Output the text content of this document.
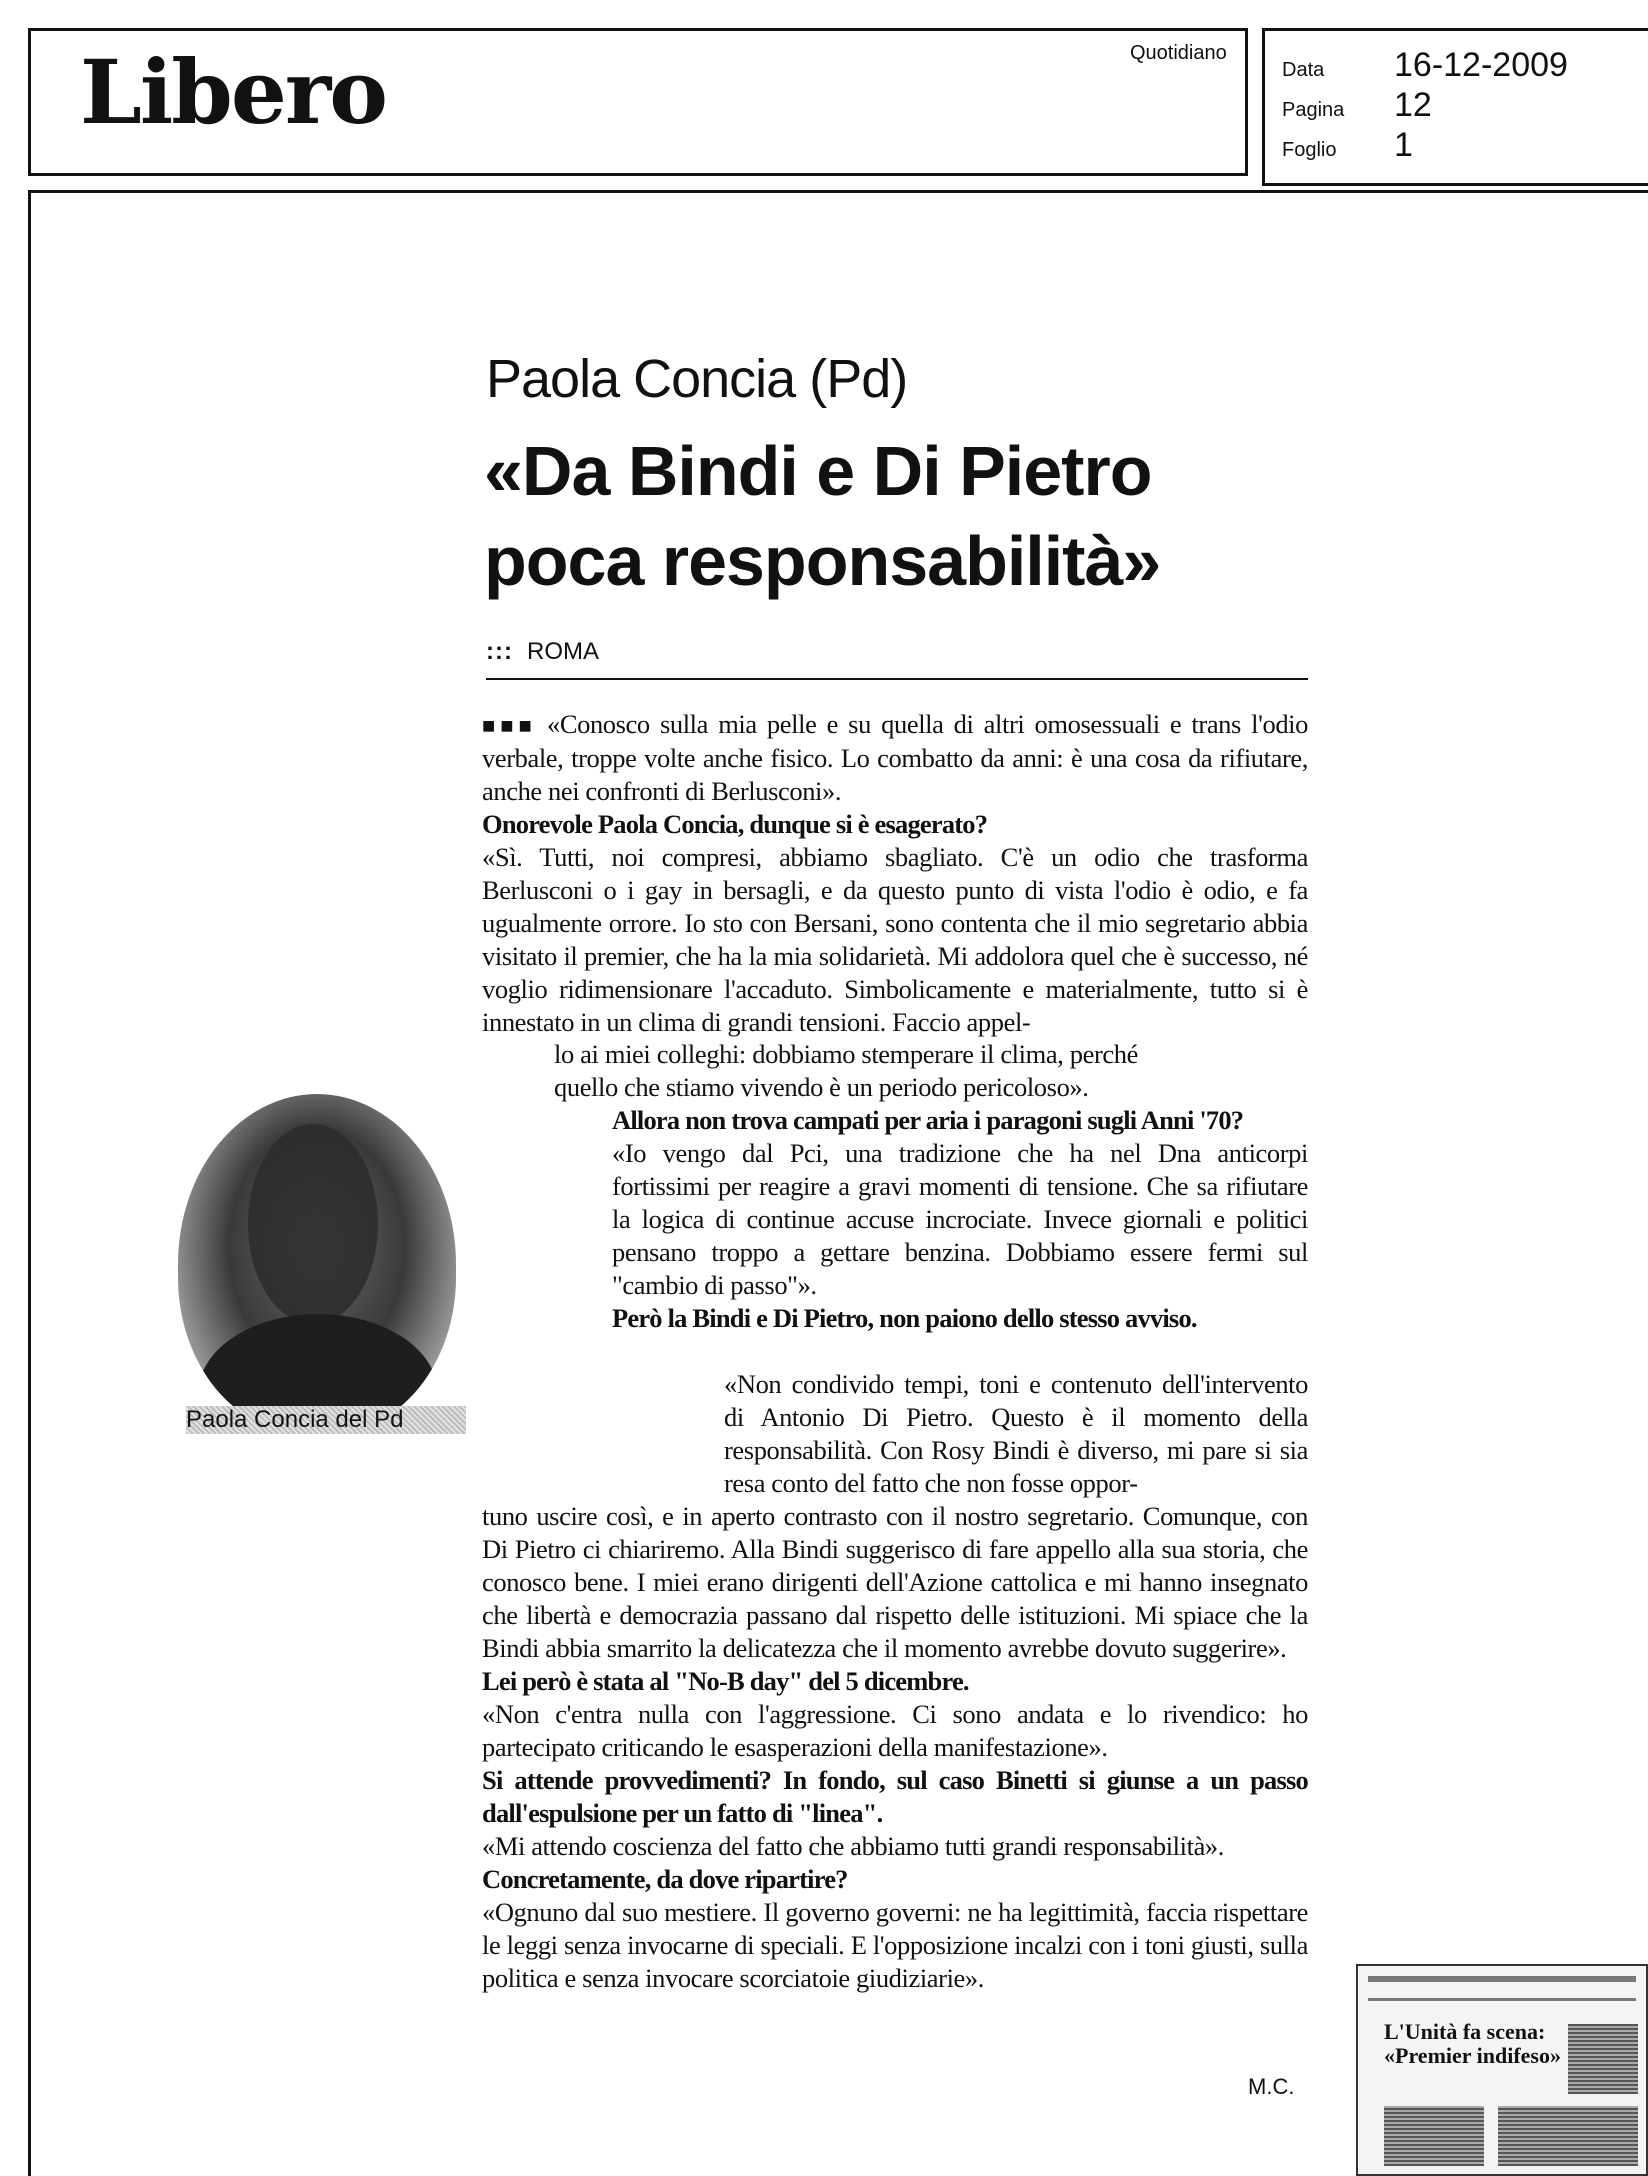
Libero	Quotidiano
Data 16-12-2009
Pagina 12
Foglio 1
Paola Concia (Pd)
«Da Bindi e Di Pietro
poca responsabilità»
::: ROMA
■■■ «Conosco sulla mia pelle e su quella di altri omosessuali e trans l'odio verbale, troppe volte anche fisico. Lo combatto da anni: è una cosa da rifiutare, anche nei confronti di Berlusconi».
Onorevole Paola Concia, dunque si è esagerato?
«Sì. Tutti, noi compresi, abbiamo sbagliato. C'è un odio che trasforma Berlusconi o i gay in bersagli, e da questo punto di vista l'odio è odio, e fa ugualmente orrore. Io sto con Bersani, sono contenta che il mio segretario abbia visitato il premier, che ha la mia solidarietà. Mi addolora quel che è successo, né voglio ridimensionare l'accaduto. Simbolicamente e materialmente, tutto si è innestato in un clima di grandi tensioni. Faccio appel-
lo ai miei colleghi: dobbiamo stemperare il clima, perché quello che stiamo vivendo è un periodo pericoloso».
Allora non trova campati per aria i paragoni sugli Anni '70?
«Io vengo dal Pci, una tradizione che ha nel Dna anticorpi fortissimi per reagire a gravi momenti di tensione. Che sa rifiutare la logica di continue accuse incrociate. Invece giornali e politici pensano troppo a gettare benzina. Dobbiamo essere fermi sul "cambio di passo"».
Però la Bindi e Di Pietro, non paiono dello stesso avviso.
«Non condivido tempi, toni e contenuto dell'intervento di Antonio Di Pietro. Questo è il momento della responsabilità. Con Rosy Bindi è diverso, mi pare si sia resa conto del fatto che non fosse oppor-
tuno uscire così, e in aperto contrasto con il nostro segretario. Comunque, con Di Pietro ci chiariremo. Alla Bindi suggerisco di fare appello alla sua storia, che conosco bene. I miei erano dirigenti dell'Azione cattolica e mi hanno insegnato che libertà e democrazia passano dal rispetto delle istituzioni. Mi spiace che la Bindi abbia smarrito la delicatezza che il momento avrebbe dovuto suggerire».
Lei però è stata al "No-B day" del 5 dicembre.
«Non c'entra nulla con l'aggressione. Ci sono andata e lo rivendico: ho partecipato criticando le esasperazioni della manifestazione».
Si attende provvedimenti? In fondo, sul caso Binetti si giunse a un passo dall'espulsione per un fatto di "linea".
«Mi attendo coscienza del fatto che abbiamo tutti grandi responsabilità».
Concretamente, da dove ripartire?
«Ognuno dal suo mestiere. Il governo governi: ne ha legittimità, faccia rispettare le leggi senza invocarne di speciali. E l'opposizione incalzi con i toni giusti, sulla politica e senza invocare scorciatoie giudiziarie».
M.C.
Paola Concia del Pd
L'Unità fa scena: «Premier indifeso»
